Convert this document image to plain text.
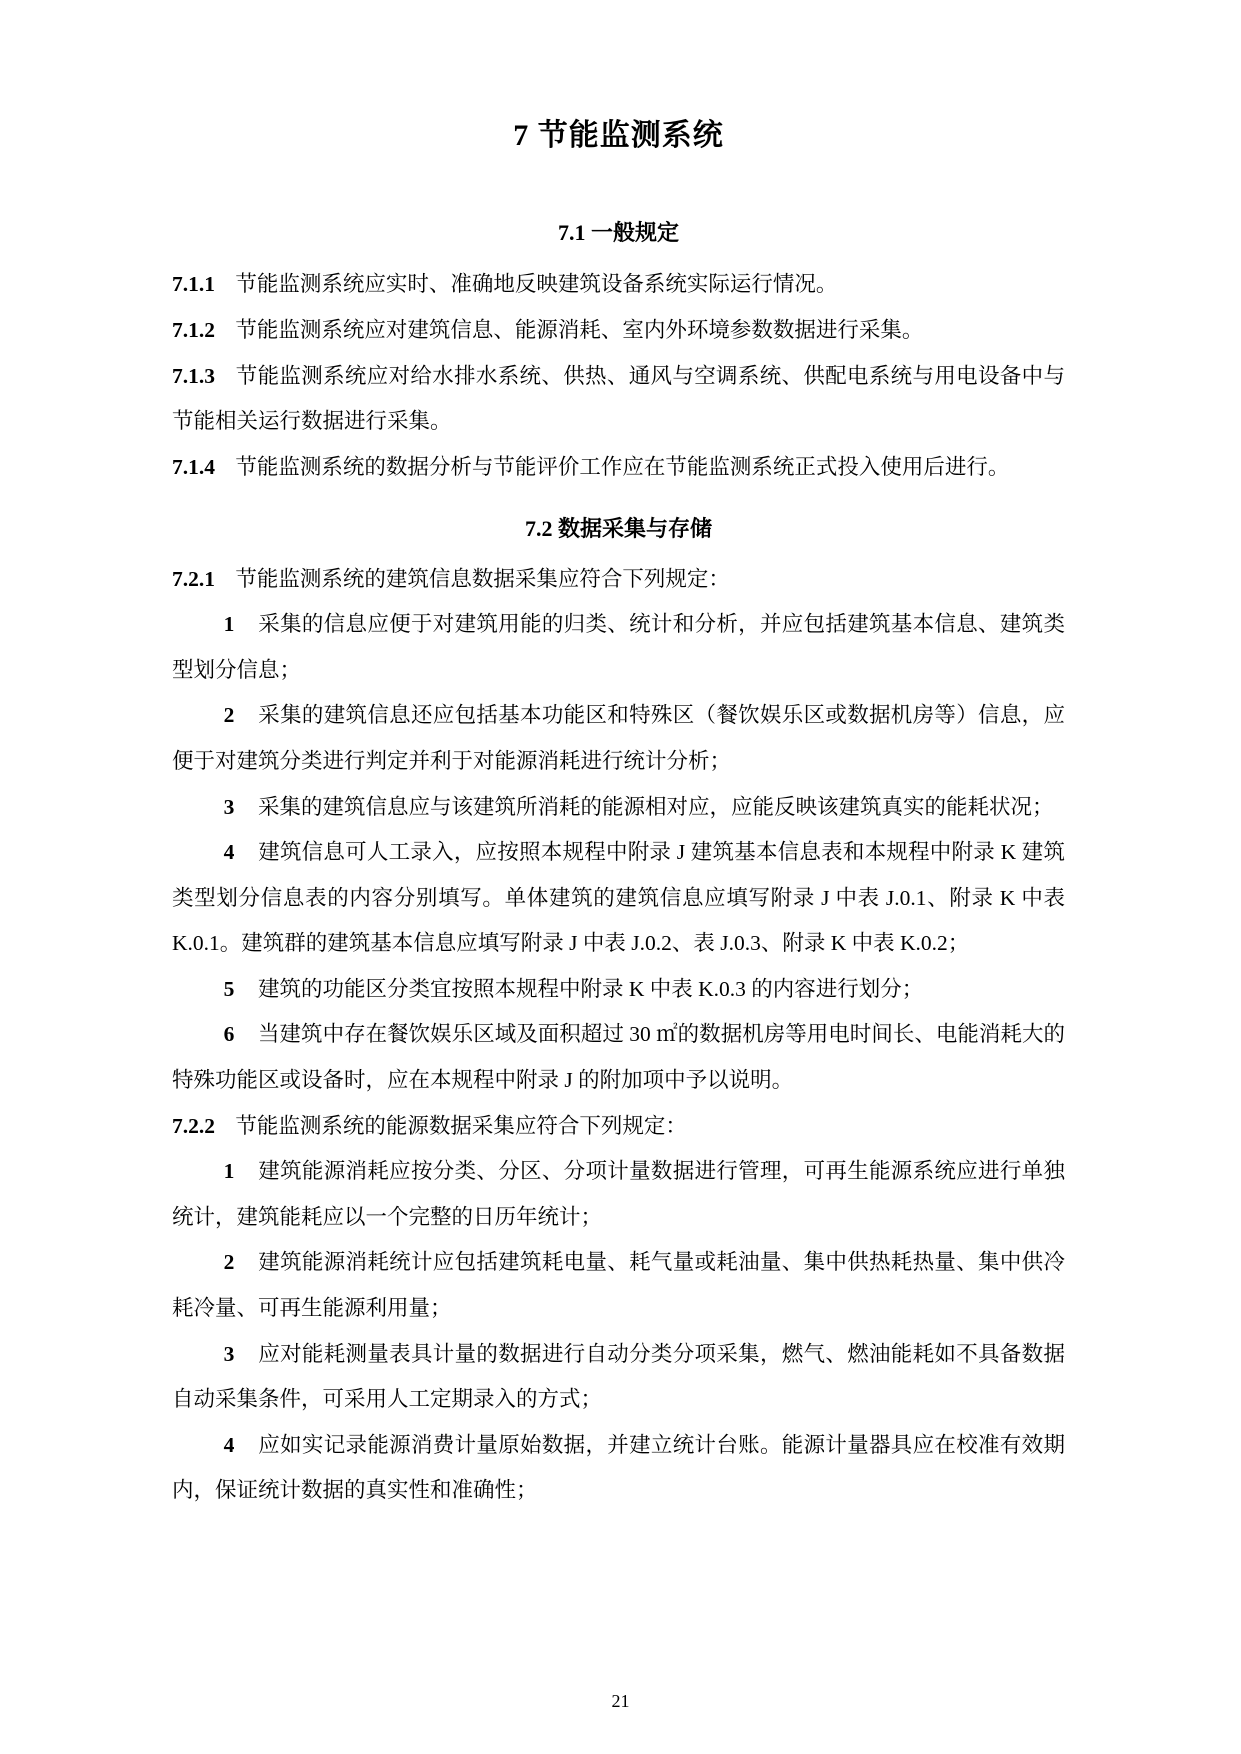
7 节能监测系统
7.1 一般规定

7.1.1 节能监测系统应实时、准确地反映建筑设备系统实际运行情况。

7.1.2 节能监测系统应对建筑信息、能源消耗、室内外环境参数数据进行采集。

7.1.3 节能监测系统应对给水排水系统、供热、通风与空调系统、供配电系统与用电设备中与节能相关运行数据进行采集。

7.1.4 节能监测系统的数据分析与节能评价工作应在节能监测系统正式投入使用后进行。

7.2 数据采集与存储

7.2.1 节能监测系统的建筑信息数据采集应符合下列规定：

1 采集的信息应便于对建筑用能的归类、统计和分析，并应包括建筑基本信息、建筑类型划分信息；

2 采集的建筑信息还应包括基本功能区和特殊区（餐饮娱乐区或数据机房等）信息，应便于对建筑分类进行判定并利于对能源消耗进行统计分析；

3 采集的建筑信息应与该建筑所消耗的能源相对应，应能反映该建筑真实的能耗状况；

4 建筑信息可人工录入，应按照本规程中附录 J 建筑基本信息表和本规程中附录 K 建筑类型划分信息表的内容分别填写。单体建筑的建筑信息应填写附录 J 中表 J.0.1、附录 K 中表 K.0.1。建筑群的建筑基本信息应填写附录 J 中表 J.0.2、表 J.0.3、附录 K 中表 K.0.2；

5 建筑的功能区分类宜按照本规程中附录 K 中表 K.0.3 的内容进行划分；

6 当建筑中存在餐饮娱乐区域及面积超过 30 ㎡的数据机房等用电时间长、电能消耗大的特殊功能区或设备时，应在本规程中附录 J 的附加项中予以说明。

7.2.2 节能监测系统的能源数据采集应符合下列规定：

1 建筑能源消耗应按分类、分区、分项计量数据进行管理，可再生能源系统应进行单独统计，建筑能耗应以一个完整的日历年统计；

2 建筑能源消耗统计应包括建筑耗电量、耗气量或耗油量、集中供热耗热量、集中供冷耗冷量、可再生能源利用量；

3 应对能耗测量表具计量的数据进行自动分类分项采集，燃气、燃油能耗如不具备数据自动采集条件，可采用人工定期录入的方式；

4 应如实记录能源消费计量原始数据，并建立统计台账。能源计量器具应在校准有效期内，保证统计数据的真实性和准确性；

21
